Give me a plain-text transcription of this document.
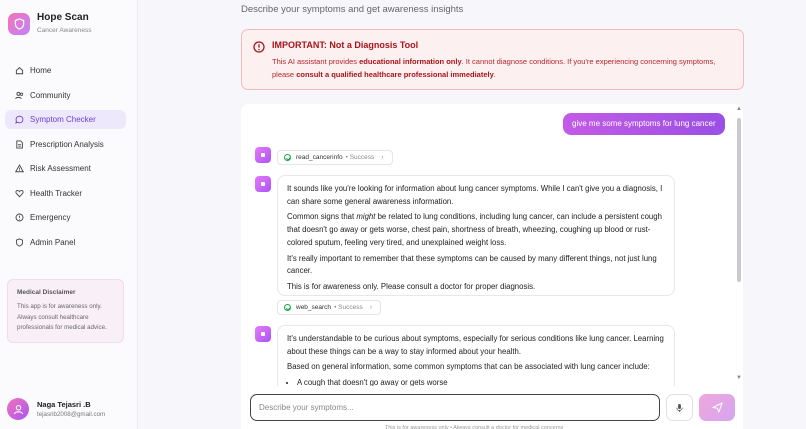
Hope Scan
Cancer Awareness
Home
Community
Symptom Checker
Prescription Analysis
Risk Assessment
Health Tracker
Emergency
Admin Panel
Medical Disclaimer
This app is for awareness only. Always consult healthcare professionals for medical advice.
Naga Tejasri .B
tejasrib2008@gmail.com
Describe your symptoms and get awareness insights
IMPORTANT: Not a Diagnosis Tool
This AI assistant provides educational information only. It cannot diagnose conditions. If you're experiencing concerning symptoms, please consult a qualified healthcare professional immediately.
give me some symptoms for lung cancer
read_cancerinfo • Success ›

It sounds like you're looking for information about lung cancer symptoms. While I can't give you a diagnosis, I can share some general awareness information.

Common signs that might be related to lung conditions, including lung cancer, can include a persistent cough that doesn't go away or gets worse, chest pain, shortness of breath, wheezing, coughing up blood or rust-colored sputum, feeling very tired, and unexplained weight loss.

It's really important to remember that these symptoms can be caused by many different things, not just lung cancer.

This is for awareness only. Please consult a doctor for proper diagnosis.

web_search • Success ›

It's understandable to be curious about symptoms, especially for serious conditions like lung cancer. Learning about these things can be a way to stay informed about your health.

Based on general information, some common symptoms that can be associated with lung cancer include:

• A cough that doesn't go away or gets worse
▲
▼
Describe your symptoms...
This is for awareness only • Always consult a doctor for medical concerns
